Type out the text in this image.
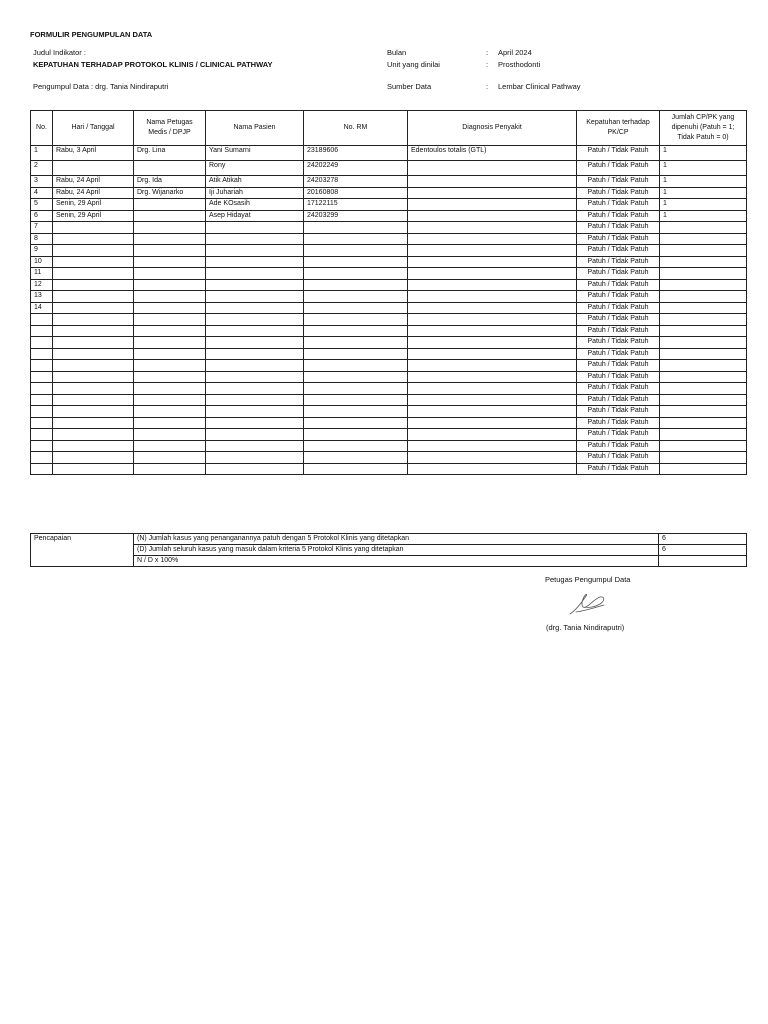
FORMULIR PENGUMPULAN DATA
Judul Indikator :
KEPATUHAN TERHADAP PROTOKOL KLINIS / CLINICAL PATHWAY
Bulan	: April 2024
Unit yang dinilai	: Prosthodonti
Pengumpul Data : drg. Tania Nindiraputri	Sumber Data	: Lembar Clinical Pathway
No.	Hari / Tanggal	Nama Petugas Medis / DPJP	Nama Pasien	No. RM	Diagnosis Penyakit	Kepatuhan terhadap PK/CP	Jumlah CP/PK yang dipenuhi (Patuh = 1; Tidak Patuh = 0)
1	Rabu, 3 April	Drg. Lina	Yani Sumarni	23189606	Edentoulos totalis (GTL)	Patuh / Tidak Patuh	1
2			Rony	24202249		Patuh / Tidak Patuh	1
3	Rabu, 24 April	Drg. Ida	Atik Atikah	24203278		Patuh / Tidak Patuh	1
4	Rabu, 24 April	Drg. Wijanarko	Iji Juhariah	20160808		Patuh / Tidak Patuh	1
5	Senin, 29 April		Ade KOsasih	17122115		Patuh / Tidak Patuh	1
6	Senin, 29 April		Asep Hidayat	24203299		Patuh / Tidak Patuh	1
7						Patuh / Tidak Patuh	
8						Patuh / Tidak Patuh	
9						Patuh / Tidak Patuh	
10						Patuh / Tidak Patuh	
11						Patuh / Tidak Patuh	
12						Patuh / Tidak Patuh	
13						Patuh / Tidak Patuh	
14						Patuh / Tidak Patuh	
						Patuh / Tidak Patuh	
						Patuh / Tidak Patuh	
						Patuh / Tidak Patuh	
						Patuh / Tidak Patuh	
						Patuh / Tidak Patuh	
						Patuh / Tidak Patuh	
						Patuh / Tidak Patuh	
						Patuh / Tidak Patuh	
						Patuh / Tidak Patuh	
						Patuh / Tidak Patuh	
						Patuh / Tidak Patuh	
						Patuh / Tidak Patuh	
						Patuh / Tidak Patuh	
						Patuh / Tidak Patuh	
Pencapaian	(N) Jumlah kasus yang penanganannya patuh dengan 5 Protokol Klinis yang ditetapkan	6
	(D) Jumlah seluruh kasus yang masuk dalam kriteria 5 Protokol Klinis yang ditetapkan	6
	N / D x 100%	
Petugas Pengumpul Data
(drg. Tania Nindiraputri)
